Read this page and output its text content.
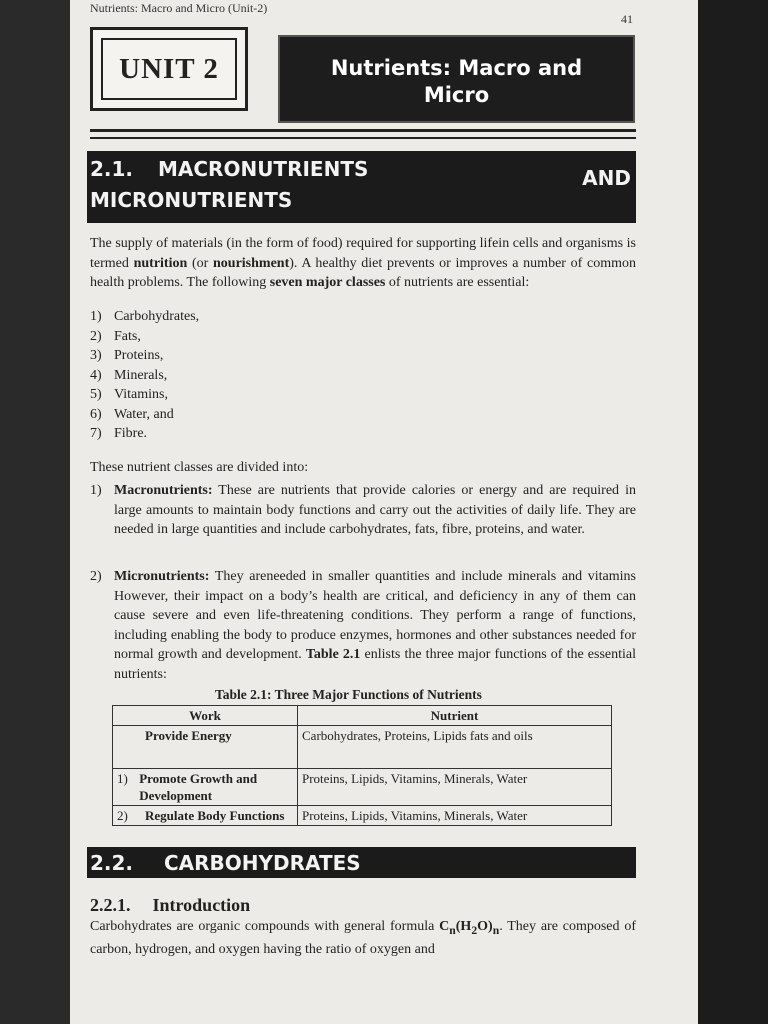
Nutrients: Macro and Micro (Unit-2)
41
UNIT 2	Nutrients: Macro and
Micro
2.1. MACRONUTRIENTS	AND
MICRONUTRIENTS
The supply of materials (in the form of food) required for supporting lifein cells and organisms is termed nutrition (or nourishment). A healthy diet prevents or improves a number of common health problems. The following seven major classes of nutrients are essential:
1) Carbohydrates,
2) Fats,
3) Proteins,
4) Minerals,
5) Vitamins,
6) Water, and
7) Fibre.
These nutrient classes are divided into:
1) Macronutrients: These are nutrients that provide calories or energy and are required in large amounts to maintain body functions and carry out the activities of daily life. They are needed in large quantities and include carbohydrates, fats, fibre, proteins, and water.
2) Micronutrients: They areneeded in smaller quantities and include minerals and vitamins However, their impact on a body’s health are critical, and deficiency in any of them can cause severe and even life-threatening conditions. They perform a range of functions, including enabling the body to produce enzymes, hormones and other substances needed for normal growth and development. Table 2.1 enlists the three major functions of the essential nutrients:
Table 2.1: Three Major Functions of Nutrients
Work	Nutrient
Provide Energy	Carbohydrates, Proteins, Lipids fats and oils

1) Promote Growth and Development	Proteins, Lipids, Vitamins, Minerals, Water

2) Regulate Body Functions	Proteins, Lipids, Vitamins, Minerals, Water
2.2. CARBOHYDRATES
2.2.1. Introduction
Carbohydrates are organic compounds with general formula $C_n(H_2O)_n$. They are composed of carbon, hydrogen, and oxygen having the ratio of oxygen and
